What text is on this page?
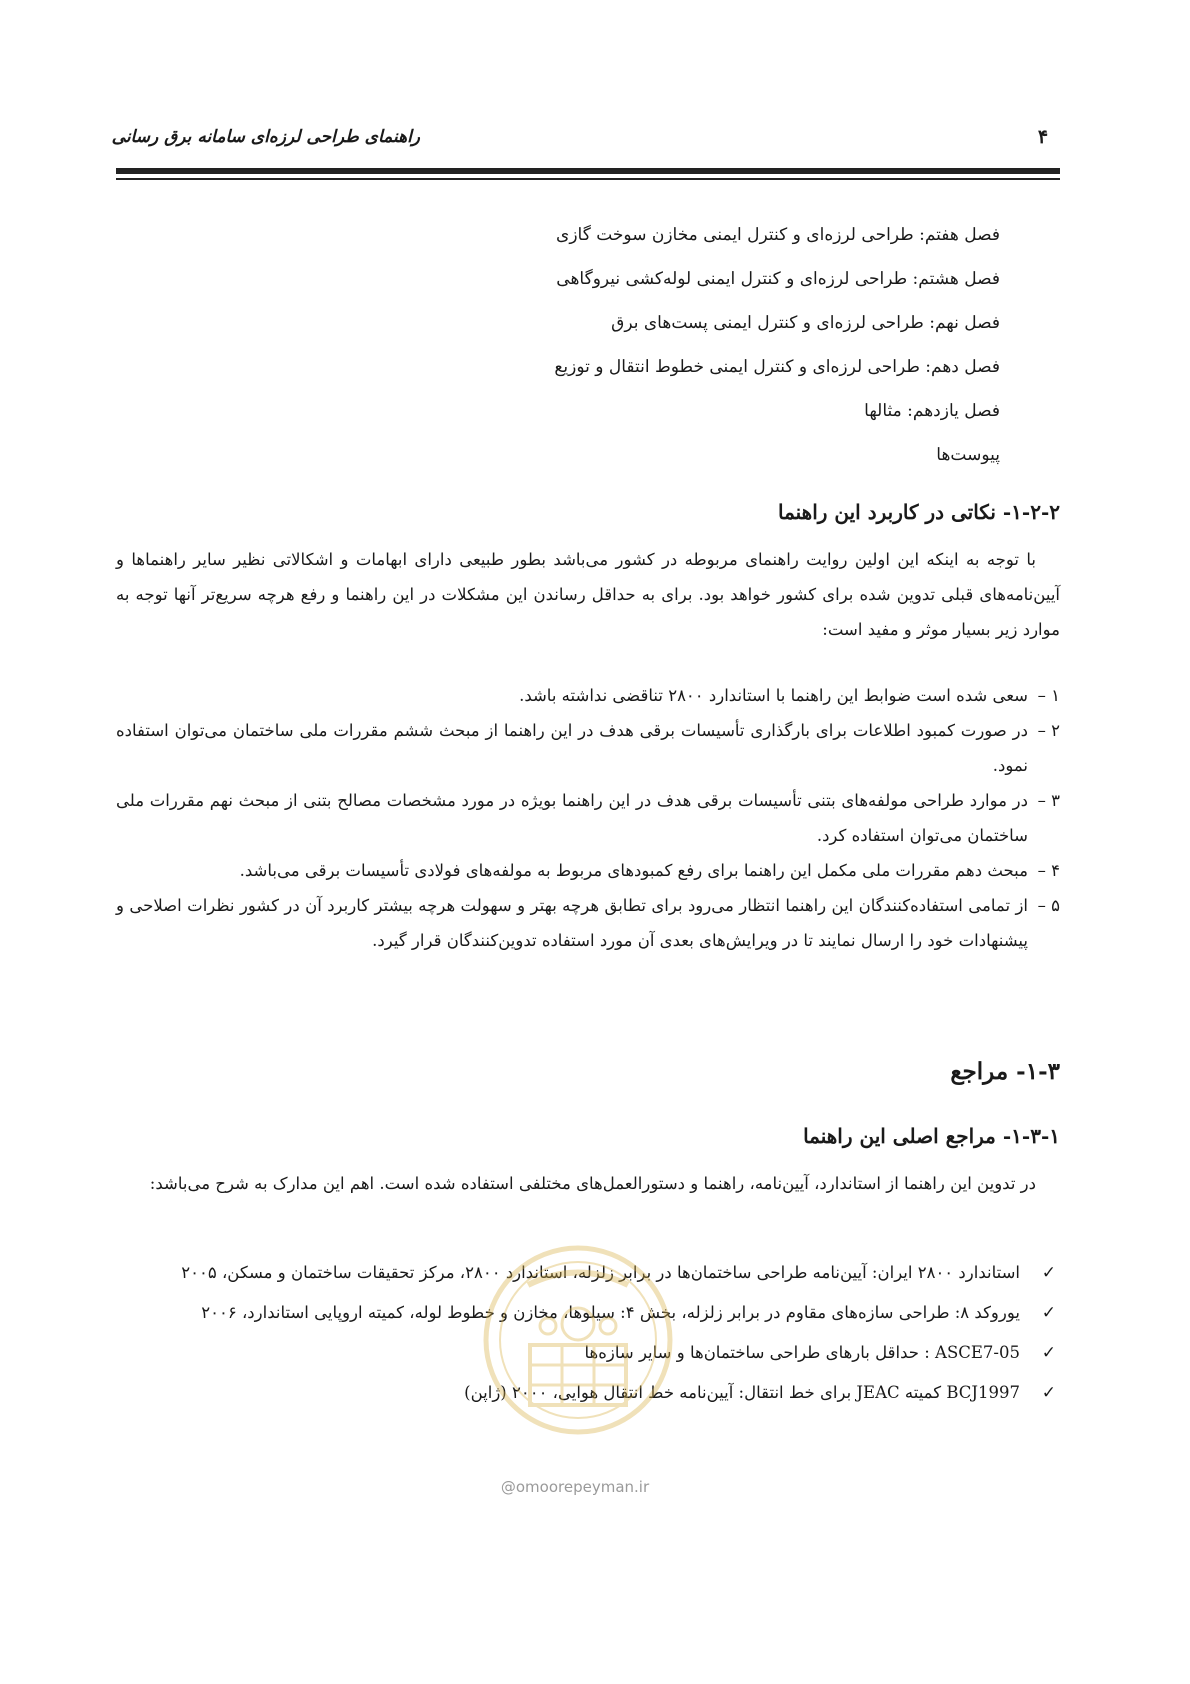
راهنمای طراحی لرزه‌ای سامانه برق رسانی	۴
فصل هفتم: طراحی لرزه‌ای و کنترل ایمنی مخازن سوخت گازی
فصل هشتم: طراحی لرزه‌ای و کنترل ایمنی لوله‌کشی نیروگاهی
فصل نهم: طراحی لرزه‌ای و کنترل ایمنی پست‌های برق
فصل دهم: طراحی لرزه‌ای و کنترل ایمنی خطوط انتقال و توزیع
فصل یازدهم: مثالها
پیوست‌ها
۱-۲-۲- نکاتی در کاربرد این راهنما
با توجه به اینکه این اولین روایت راهنمای مربوطه در کشور می‌باشد بطور طبیعی دارای ابهامات و اشکالاتی نظیر سایر راهنماها و آیین‌نامه‌های قبلی تدوین شده برای کشور خواهد بود. برای به حداقل رساندن این مشکلات در این راهنما و رفع هرچه سریع‌تر آنها توجه به موارد زیر بسیار موثر و مفید است:
۱ –
سعی شده است ضوابط این راهنما با استاندارد ۲۸۰۰ تناقضی نداشته باشد.
۲ –
در صورت کمبود اطلاعات برای بارگذاری تأسیسات برقی هدف در این راهنما از مبحث ششم مقررات ملی ساختمان می‌توان استفاده نمود.
۳ –
در موارد طراحی مولفه‌های بتنی تأسیسات برقی هدف در این راهنما بویژه در مورد مشخصات مصالح بتنی از مبحث نهم مقررات ملی ساختمان می‌توان استفاده کرد.
۴ –
مبحث دهم مقررات ملی مکمل این راهنما برای رفع کمبودهای مربوط به مولفه‌های فولادی تأسیسات برقی می‌باشد.
۵ –
از تمامی استفاده‌کنندگان این راهنما انتظار می‌رود برای تطابق هرچه بهتر و سهولت هرچه بیشتر کاربرد آن در کشور نظرات اصلاحی و پیشنهادات خود را ارسال نمایند تا در ویرایش‌های بعدی آن مورد استفاده تدوین‌کنندگان قرار گیرد.
۱-۳- مراجع
۱-۳-۱- مراجع اصلی این راهنما
در تدوین این راهنما از استاندارد، آیین‌نامه، راهنما و دستورالعمل‌های مختلفی استفاده شده است. اهم این مدارک به شرح می‌باشد:
✓
استاندارد ۲۸۰۰ ایران: آیین‌نامه طراحی ساختمان‌ها در برابر زلزله، استاندارد ۲۸۰۰، مرکز تحقیقات ساختمان و مسکن، ۲۰۰۵
✓
یوروکد ۸: طراحی سازه‌های مقاوم در برابر زلزله، بخش ۴: سیلوها، مخازن و خطوط لوله، کمیته اروپایی استاندارد، ۲۰۰۶
✓
ASCE7-05 : حداقل بارهای طراحی ساختمان‌ها و سایر سازه‌ها
✓
BCJ1997 کمیته JEAC برای خط انتقال: آیین‌نامه خط انتقال هوایی، ۲۰۰۰ (ژاپن)
@omoorepeyman.ir
